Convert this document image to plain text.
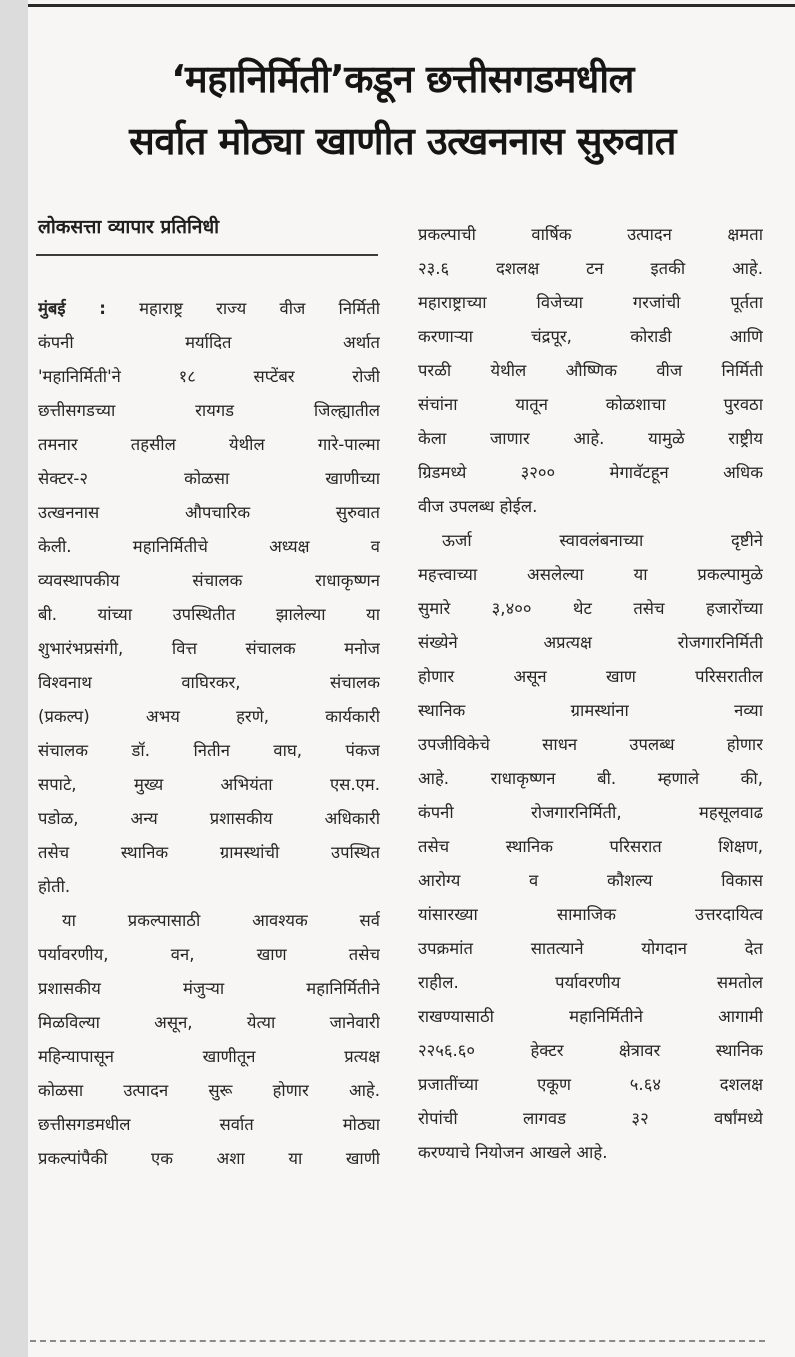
‘महानिर्मिती’कडून छत्तीसगडमधील
सर्वात मोठ्या खाणीत उत्खननास सुरुवात
लोकसत्ता व्यापार प्रतिनिधी
मुंबई : महाराष्ट्र राज्य वीज निर्मिती
कंपनी मर्यादित अर्थात
'महानिर्मिती'ने १८ सप्टेंबर रोजी
छत्तीसगडच्या रायगड जिल्ह्यातील
तमनार तहसील येथील गारे-पाल्मा
सेक्टर-२ कोळसा खाणीच्या
उत्खननास औपचारिक सुरुवात
केली. महानिर्मितीचे अध्यक्ष व
व्यवस्थापकीय संचालक राधाकृष्णन
बी. यांच्या उपस्थितीत झालेल्या या
शुभारंभप्रसंगी, वित्त संचालक मनोज
विश्वनाथ वाघिरकर, संचालक
(प्रकल्प) अभय हरणे, कार्यकारी
संचालक डॉ. नितीन वाघ, पंकज
सपाटे, मुख्य अभियंता एस.एम.
पडोळ, अन्य प्रशासकीय अधिकारी
तसेच स्थानिक ग्रामस्थांची उपस्थित
होती.
या प्रकल्पासाठी आवश्यक सर्व
पर्यावरणीय, वन, खाण तसेच
प्रशासकीय मंजुऱ्या महानिर्मितीने
मिळविल्या असून, येत्या जानेवारी
महिन्यापासून खाणीतून प्रत्यक्ष
कोळसा उत्पादन सुरू होणार आहे.
छत्तीसगडमधील सर्वात मोठ्या
प्रकल्पांपैकी एक अशा या खाणी
प्रकल्पाची वार्षिक उत्पादन क्षमता
२३.६ दशलक्ष टन इतकी आहे.
महाराष्ट्राच्या विजेच्या गरजांची पूर्तता
करणाऱ्या चंद्रपूर, कोराडी आणि
परळी येथील औष्णिक वीज निर्मिती
संचांना यातून कोळशाचा पुरवठा
केला जाणार आहे. यामुळे राष्ट्रीय
ग्रिडमध्ये ३२०० मेगावॅटहून अधिक
वीज उपलब्ध होईल.
ऊर्जा स्वावलंबनाच्या दृष्टीने
महत्त्वाच्या असलेल्या या प्रकल्पामुळे
सुमारे ३,४०० थेट तसेच हजारोंच्या
संख्येने अप्रत्यक्ष रोजगारनिर्मिती
होणार असून खाण परिसरातील
स्थानिक ग्रामस्थांना नव्या
उपजीविकेचे साधन उपलब्ध होणार
आहे. राधाकृष्णन बी. म्हणाले की,
कंपनी रोजगारनिर्मिती, महसूलवाढ
तसेच स्थानिक परिसरात शिक्षण,
आरोग्य व कौशल्य विकास
यांसारख्या सामाजिक उत्तरदायित्व
उपक्रमांत सातत्याने योगदान देत
राहील. पर्यावरणीय समतोल
राखण्यासाठी महानिर्मितीने आगामी
२२५६.६० हेक्टर क्षेत्रावर स्थानिक
प्रजातींच्या एकूण ५.६४ दशलक्ष
रोपांची लागवड ३२ वर्षांमध्ये
करण्याचे नियोजन आखले आहे.
